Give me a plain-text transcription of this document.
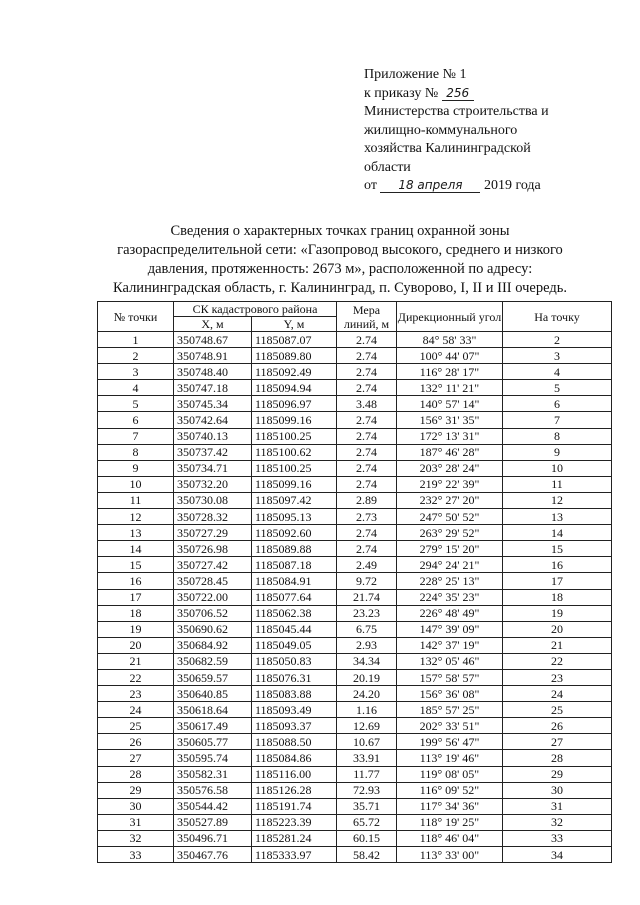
Приложение № 1
к приказу № 256
Министерства строительства и
жилищно-коммунального
хозяйства Калининградской
области
от 18 апреля 2019 года
Сведения о характерных точках границ охранной зоны
газораспределительной сети: «Газопровод высокого, среднего и низкого
давления, протяженность: 2673 м», расположенной по адресу:
Калининградская область, г. Калининград, п. Суворово, I, II и III очередь.
№ точки	СК кадастрового района		Мера линий, м	Дирекционный угол	На точку
	X, м	Y, м			
1	350748.67	1185087.07	2.74	84° 58' 33"	2
2	350748.91	1185089.80	2.74	100° 44' 07"	3
3	350748.40	1185092.49	2.74	116° 28' 17"	4
4	350747.18	1185094.94	2.74	132° 11' 21"	5
5	350745.34	1185096.97	3.48	140° 57' 14"	6
6	350742.64	1185099.16	2.74	156° 31' 35"	7
7	350740.13	1185100.25	2.74	172° 13' 31"	8
8	350737.42	1185100.62	2.74	187° 46' 28"	9
9	350734.71	1185100.25	2.74	203° 28' 24"	10
10	350732.20	1185099.16	2.74	219° 22' 39"	11
11	350730.08	1185097.42	2.89	232° 27' 20"	12
12	350728.32	1185095.13	2.73	247° 50' 52"	13
13	350727.29	1185092.60	2.74	263° 29' 52"	14
14	350726.98	1185089.88	2.74	279° 15' 20"	15
15	350727.42	1185087.18	2.49	294° 24' 21"	16
16	350728.45	1185084.91	9.72	228° 25' 13"	17
17	350722.00	1185077.64	21.74	224° 35' 23"	18
18	350706.52	1185062.38	23.23	226° 48' 49"	19
19	350690.62	1185045.44	6.75	147° 39' 09"	20
20	350684.92	1185049.05	2.93	142° 37' 19"	21
21	350682.59	1185050.83	34.34	132° 05' 46"	22
22	350659.57	1185076.31	20.19	157° 58' 57"	23
23	350640.85	1185083.88	24.20	156° 36' 08"	24
24	350618.64	1185093.49	1.16	185° 57' 25"	25
25	350617.49	1185093.37	12.69	202° 33' 51"	26
26	350605.77	1185088.50	10.67	199° 56' 47"	27
27	350595.74	1185084.86	33.91	113° 19' 46"	28
28	350582.31	1185116.00	11.77	119° 08' 05"	29
29	350576.58	1185126.28	72.93	116° 09' 52"	30
30	350544.42	1185191.74	35.71	117° 34' 36"	31
31	350527.89	1185223.39	65.72	118° 19' 25"	32
32	350496.71	1185281.24	60.15	118° 46' 04"	33
33	350467.76	1185333.97	58.42	113° 33' 00"	34
